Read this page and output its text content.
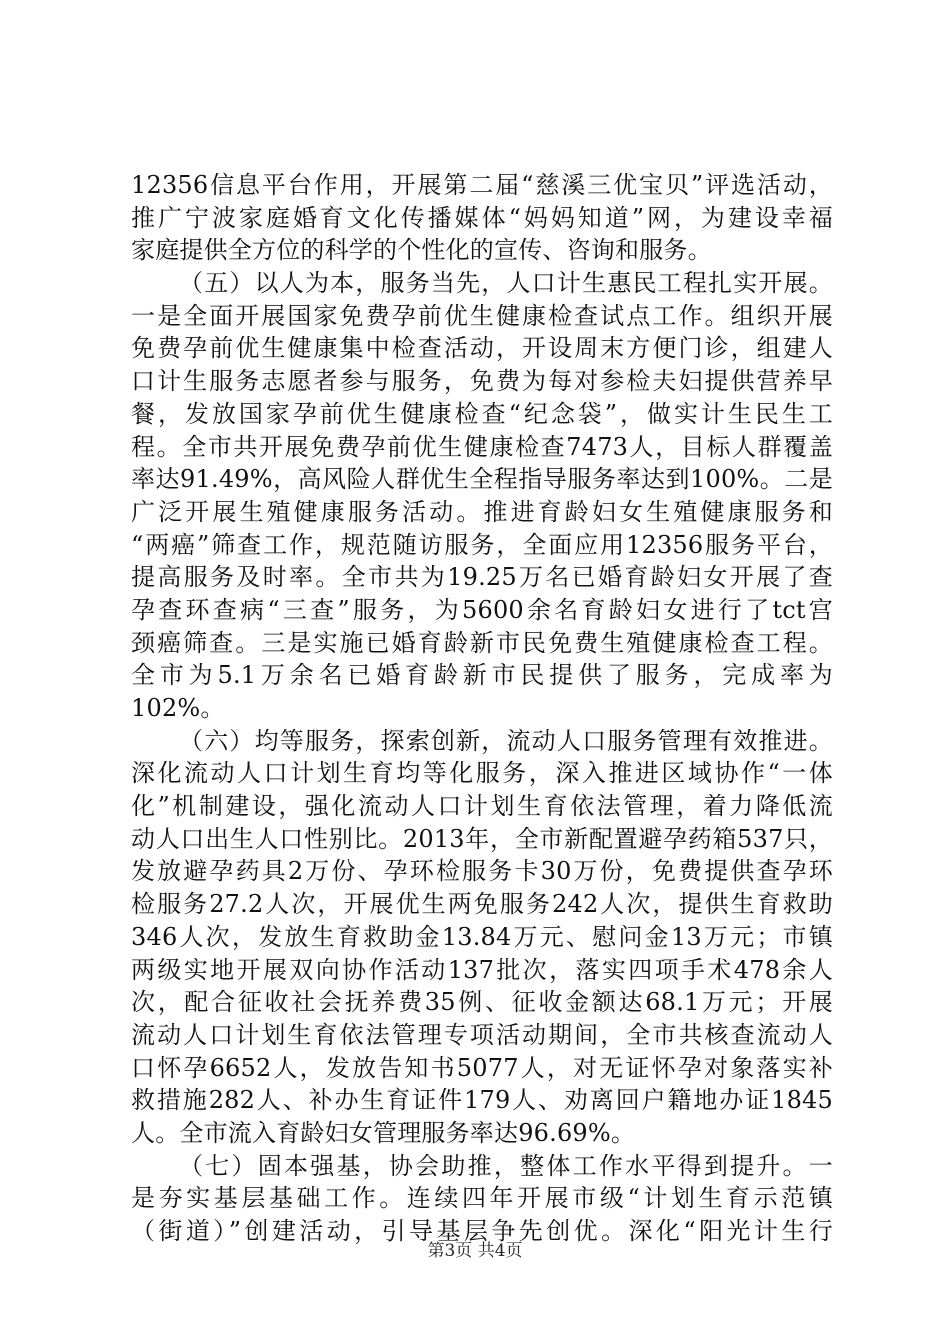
12356信息平台作用，开展第二届“慈溪三优宝贝”评选活动，
推广宁波家庭婚育文化传播媒体“妈妈知道”网，为建设幸福
家庭提供全方位的科学的个性化的宣传、咨询和服务。
（五）以人为本，服务当先，人口计生惠民工程扎实开展。
一是全面开展国家免费孕前优生健康检查试点工作。组织开展
免费孕前优生健康集中检查活动，开设周末方便门诊，组建人
口计生服务志愿者参与服务，免费为每对参检夫妇提供营养早
餐，发放国家孕前优生健康检查“纪念袋”，做实计生民生工
程。全市共开展免费孕前优生健康检查7473人，目标人群覆盖
率达91.49%，高风险人群优生全程指导服务率达到100%。二是
广泛开展生殖健康服务活动。推进育龄妇女生殖健康服务和
“两癌”筛查工作，规范随访服务，全面应用12356服务平台，
提高服务及时率。全市共为19.25万名已婚育龄妇女开展了查
孕查环查病“三查”服务，为5600余名育龄妇女进行了tct宫
颈癌筛查。三是实施已婚育龄新市民免费生殖健康检查工程。
全市为5.1万余名已婚育龄新市民提供了服务，完成率为
102%。
（六）均等服务，探索创新，流动人口服务管理有效推进。
深化流动人口计划生育均等化服务，深入推进区域协作“一体
化”机制建设，强化流动人口计划生育依法管理，着力降低流
动人口出生人口性别比。2013年，全市新配置避孕药箱537只，
发放避孕药具2万份、孕环检服务卡30万份，免费提供查孕环
检服务27.2人次，开展优生两免服务242人次，提供生育救助
346人次，发放生育救助金13.84万元、慰问金13万元；市镇
两级实地开展双向协作活动137批次，落实四项手术478余人
次，配合征收社会抚养费35例、征收金额达68.1万元；开展
流动人口计划生育依法管理专项活动期间，全市共核查流动人
口怀孕6652人，发放告知书5077人，对无证怀孕对象落实补
救措施282人、补办生育证件179人、劝离回户籍地办证1845
人。全市流入育龄妇女管理服务率达96.69%。
（七）固本强基，协会助推，整体工作水平得到提升。一
是夯实基层基础工作。连续四年开展市级“计划生育示范镇
（街道）”创建活动，引导基层争先创优。深化“阳光计生行
第3页 共4页
